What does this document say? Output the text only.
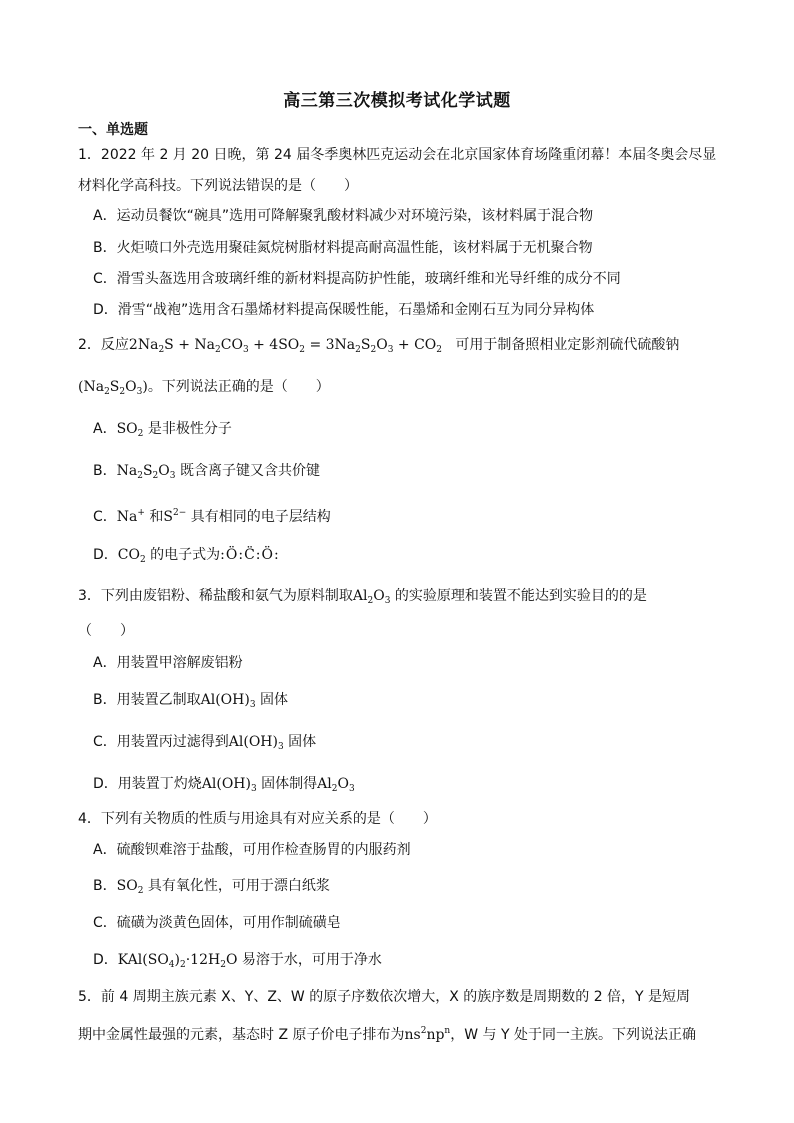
高三第三次模拟考试化学试题
一、单选题
1．2022 年 2 月 20 日晚，第 24 届冬季奥林匹克运动会在北京国家体育场隆重闭幕！本届冬奥会尽显
材料化学高科技。下列说法错误的是（　　）
A．运动员餐饮“碗具”选用可降解聚乳酸材料减少对环境污染，该材料属于混合物
B．火炬喷口外壳选用聚硅氮烷树脂材料提高耐高温性能，该材料属于无机聚合物
C．滑雪头盔选用含玻璃纤维的新材料提高防护性能，玻璃纤维和光导纤维的成分不同
D．滑雪“战袍”选用含石墨烯材料提高保暖性能，石墨烯和金刚石互为同分异构体
2．反应$2Na_2S + Na_2CO_3 + 4SO_2 = 3Na_2S_2O_3 + CO_2$ 可用于制备照相业定影剂硫代硫酸钠
$(Na_2S_2O_3)$。下列说法正确的是（　　）
A．$SO_2$ 是非极性分子
B．$Na_2S_2O_3$ 既含离子键又含共价键
C．Na+ 和$S^{2-}$ 具有相同的电子层结构
D．$CO_2$ 的电子式为:Ö:C̈:Ö:
3．下列由废铝粉、稀盐酸和氨气为原料制取$Al_2O_3$ 的实验原理和装置不能达到实验目的的是
（　　）
A．用装置甲溶解废铝粉
B．用装置乙制取$Al(OH)_3$ 固体
C．用装置丙过滤得到$Al(OH)_3$ 固体
D．用装置丁灼烧$Al(OH)_3$ 固体制得$Al_2O_3$
4．下列有关物质的性质与用途具有对应关系的是（　　）
A．硫酸钡难溶于盐酸，可用作检查肠胃的内服药剂
B．$SO_2$ 具有氧化性，可用于漂白纸浆
C．硫磺为淡黄色固体，可用作制硫磺皂
D．$KAl(SO_4)_2\cdot 12H_2O$ 易溶于水，可用于净水
5．前 4 周期主族元素 X、Y、Z、W 的原子序数依次增大，X 的族序数是周期数的 2 倍，Y 是短周
期中金属性最强的元素，基态时 Z 原子价电子排布为$ns^2np^n$，W 与 Y 处于同一主族。下列说法正确
